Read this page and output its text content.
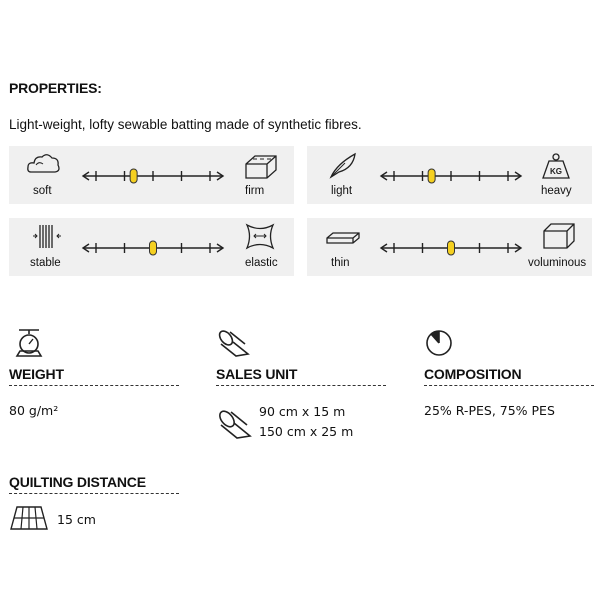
PROPERTIES:
Light-weight, lofty sewable batting made of synthetic fibres.
soft	firm
KG
light	heavy
stable	elastic	thin	voluminous
WEIGHT
80 g/m²
SALES UNIT
90 cm x 15 m
150 cm x 25 m
COMPOSITION
25% R-PES, 75% PES
QUILTING DISTANCE
15 cm
